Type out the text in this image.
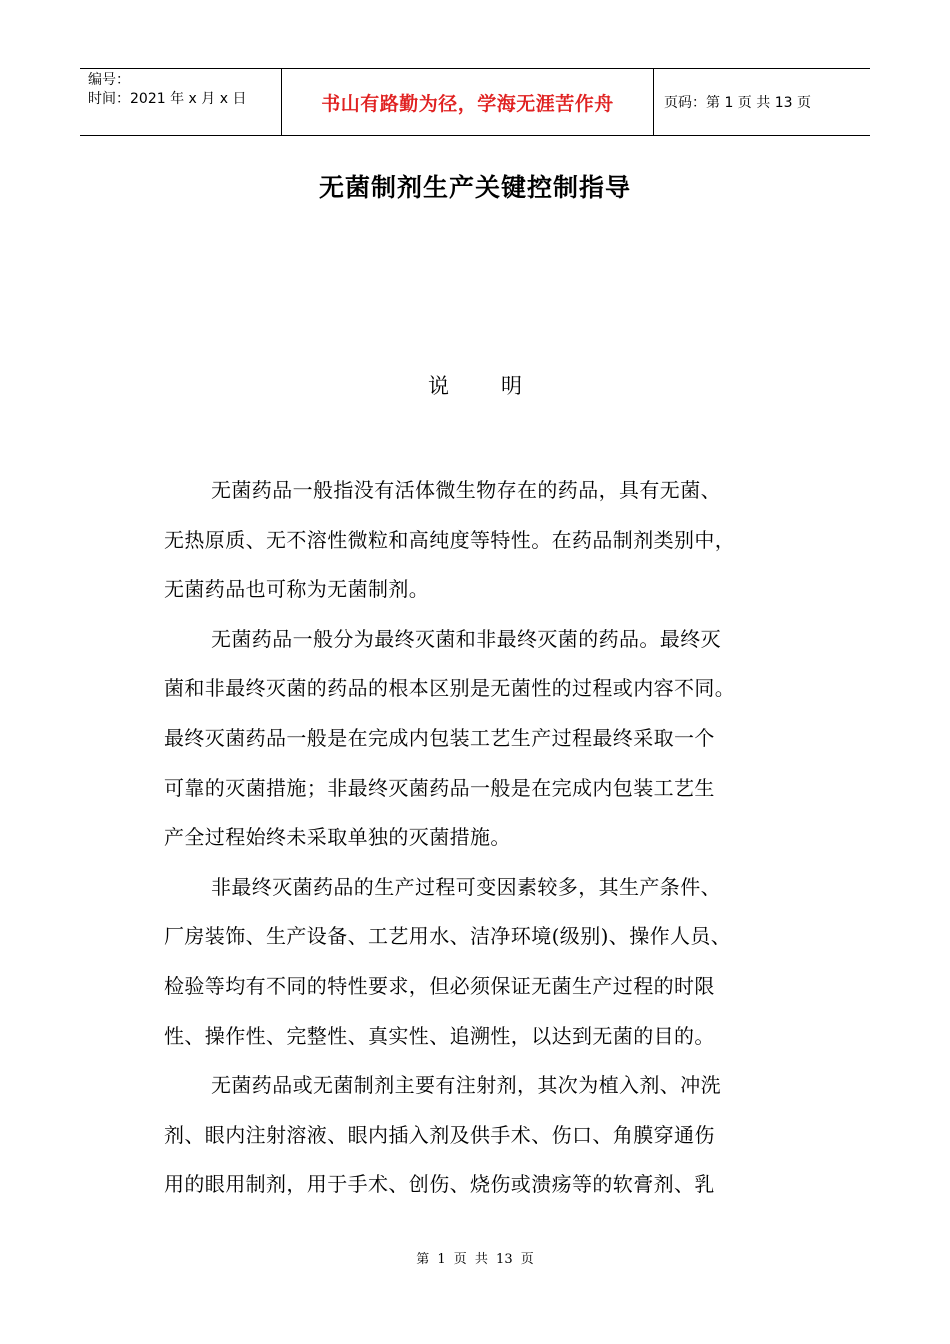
编号：
时间：2021 年 x 月 x 日	书山有路勤为径，学海无涯苦作舟	页码：第 1 页 共 13 页
无菌制剂生产关键控制指导
说 明

无菌药品一般指没有活体微生物存在的药品，具有无菌、
无热原质、无不溶性微粒和高纯度等特性。在药品制剂类别中，
无菌药品也可称为无菌制剂。

无菌药品一般分为最终灭菌和非最终灭菌的药品。最终灭
菌和非最终灭菌的药品的根本区别是无菌性的过程或内容不同。
最终灭菌药品一般是在完成内包装工艺生产过程最终采取一个
可靠的灭菌措施；非最终灭菌药品一般是在完成内包装工艺生
产全过程始终未采取单独的灭菌措施。

非最终灭菌药品的生产过程可变因素较多，其生产条件、
厂房装饰、生产设备、工艺用水、洁净环境(级别)、操作人员、
检验等均有不同的特性要求，但必须保证无菌生产过程的时限
性、操作性、完整性、真实性、追溯性，以达到无菌的目的。

无菌药品或无菌制剂主要有注射剂，其次为植入剂、冲洗
剂、眼内注射溶液、眼内插入剂及供手术、伤口、角膜穿通伤
用的眼用制剂，用于手术、创伤、烧伤或溃疡等的软膏剂、乳

第 1 页 共 13 页
